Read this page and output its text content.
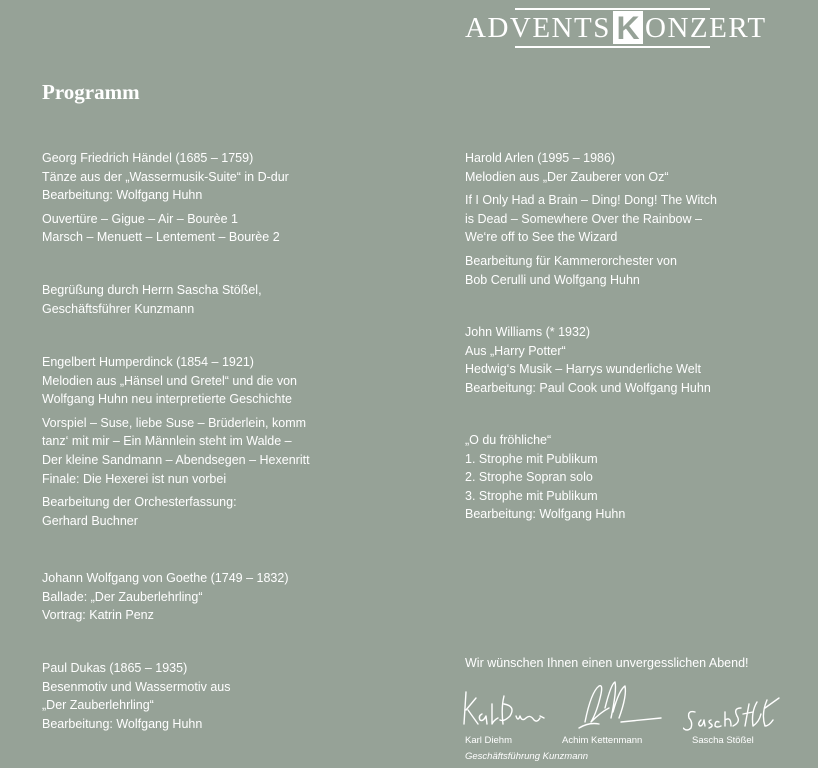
ADVENTS K ONZERT
Programm
Georg Friedrich Händel (1685 – 1759)
Tänze aus der „Wassermusik-Suite“ in D-dur
Bearbeitung: Wolfgang Huhn
Ouvertüre – Gigue – Air – Bourèe 1
Marsch – Menuett – Lentement – Bourèe 2
Begrüßung durch Herrn Sascha Stößel,
Geschäftsführer Kunzmann
Engelbert Humperdinck (1854 – 1921)
Melodien aus „Hänsel und Gretel“ und die von
Wolfgang Huhn neu interpretierte Geschichte
Vorspiel – Suse, liebe Suse – Brüderlein, komm
tanz‘ mit mir – Ein Männlein steht im Walde –
Der kleine Sandmann – Abendsegen – Hexenritt
Finale: Die Hexerei ist nun vorbei
Bearbeitung der Orchesterfassung:
Gerhard Buchner
Johann Wolfgang von Goethe (1749 – 1832)
Ballade: „Der Zauberlehrling“
Vortrag: Katrin Penz
Paul Dukas (1865 – 1935)
Besenmotiv und Wassermotiv aus
„Der Zauberlehrling“
Bearbeitung: Wolfgang Huhn
Harold Arlen (1995 – 1986)
Melodien aus „Der Zauberer von Oz“
If I Only Had a Brain – Ding! Dong! The Witch
is Dead – Somewhere Over the Rainbow –
We‘re off to See the Wizard
Bearbeitung für Kammerorchester von
Bob Cerulli und Wolfgang Huhn
John Williams (* 1932)
Aus „Harry Potter“
Hedwig‘s Musik – Harrys wunderliche Welt
Bearbeitung: Paul Cook und Wolfgang Huhn
„O du fröhliche“
1. Strophe mit Publikum
2. Strophe Sopran solo
3. Strophe mit Publikum
Bearbeitung: Wolfgang Huhn
Wir wünschen Ihnen einen unvergesslichen Abend!
Karl Diehm	Achim Kettenmann	Sascha Stößel
Geschäftsführung Kunzmann
